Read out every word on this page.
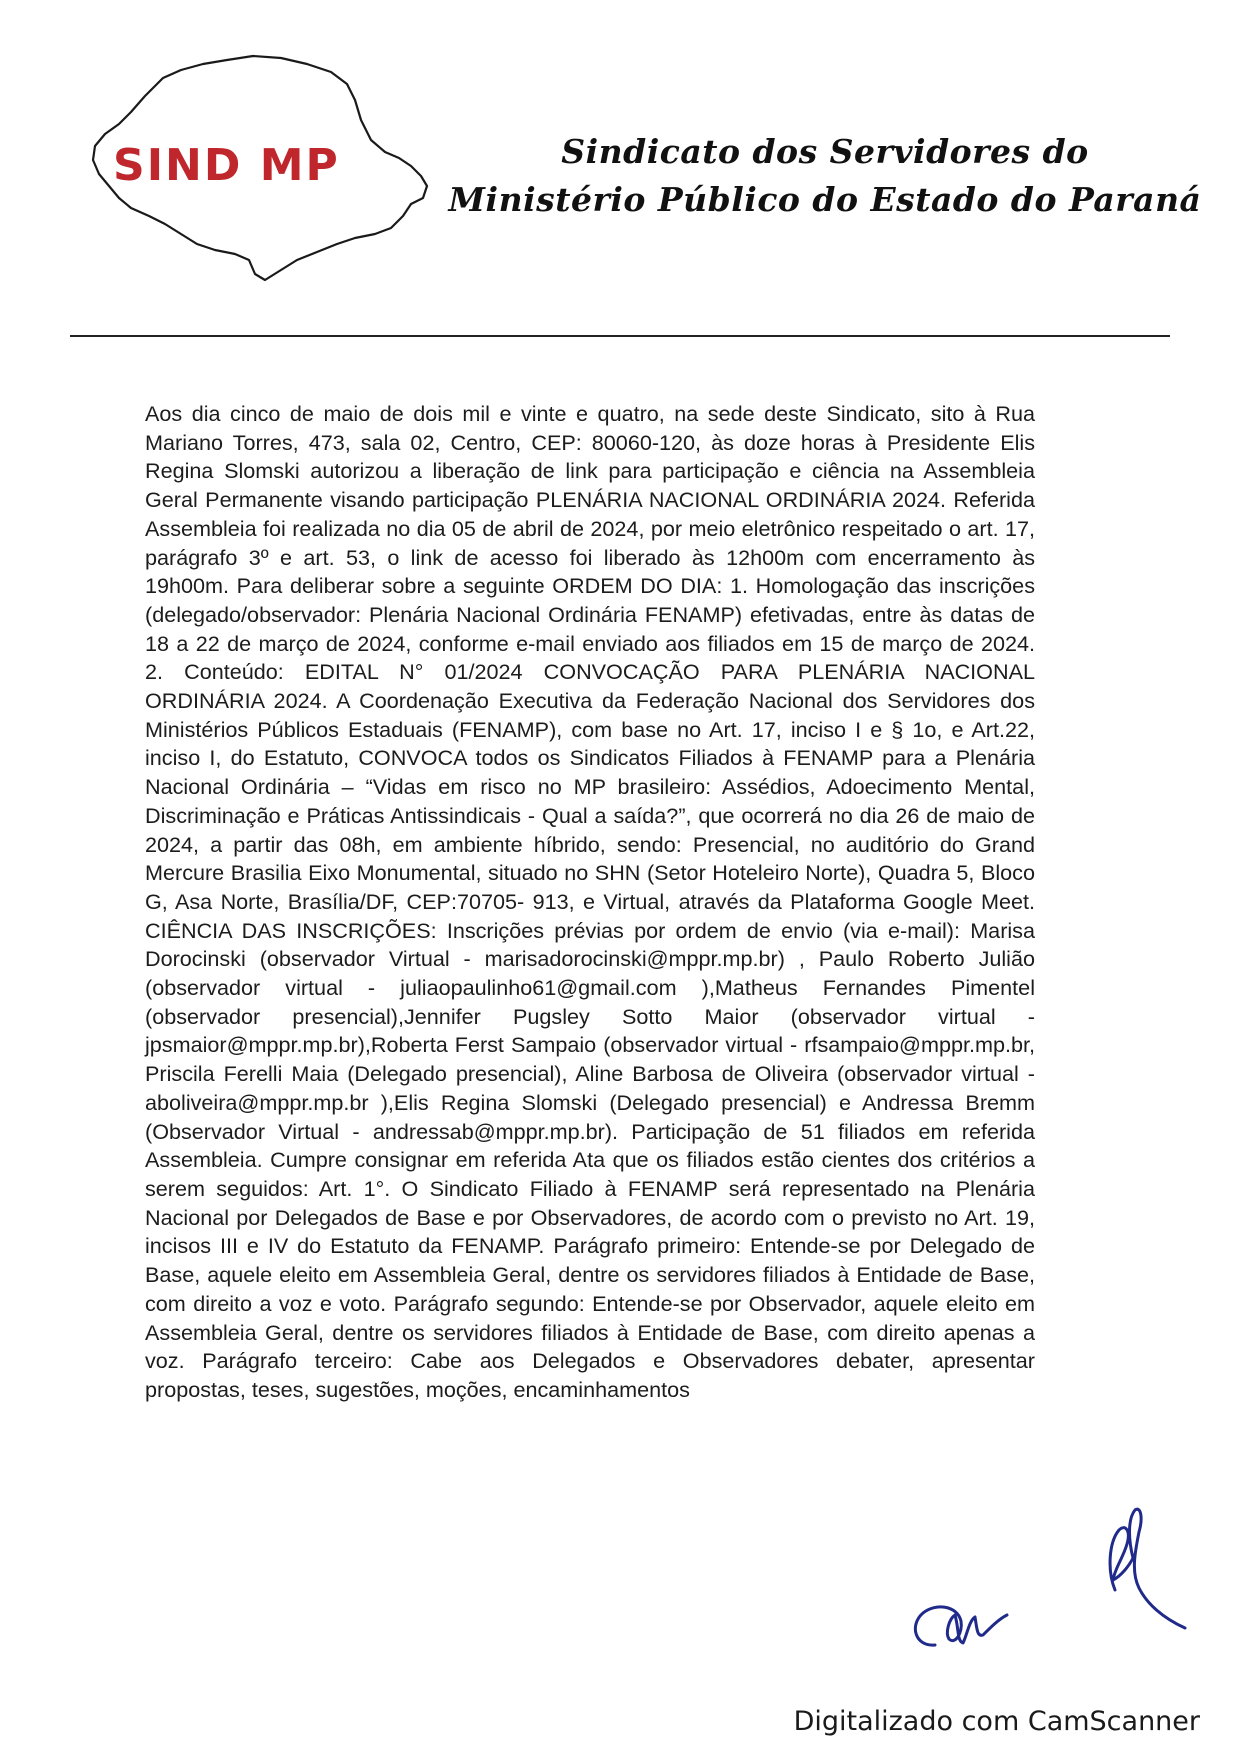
SIND MP	Sindicato dos Servidores do
Ministério Público do Estado do Paraná

Aos dia cinco de maio de dois mil e vinte e quatro, na sede deste Sindicato, sito à Rua Mariano Torres, 473, sala 02, Centro, CEP: 80060-120, às doze horas à Presidente Elis Regina Slomski autorizou a liberação de link para participação e ciência na Assembleia Geral Permanente visando participação PLENÁRIA NACIONAL ORDINÁRIA 2024. Referida Assembleia foi realizada no dia 05 de abril de 2024, por meio eletrônico respeitado o art. 17, parágrafo 3º e art. 53, o link de acesso foi liberado às 12h00m com encerramento às 19h00m. Para deliberar sobre a seguinte ORDEM DO DIA: 1. Homologação das inscrições (delegado/observador: Plenária Nacional Ordinária FENAMP) efetivadas, entre às datas de 18 a 22 de março de 2024, conforme e-mail enviado aos filiados em 15 de março de 2024. 2. Conteúdo: EDITAL N° 01/2024 CONVOCAÇÃO PARA PLENÁRIA NACIONAL ORDINÁRIA 2024. A Coordenação Executiva da Federação Nacional dos Servidores dos Ministérios Públicos Estaduais (FENAMP), com base no Art. 17, inciso I e § 1o, e Art.22, inciso I, do Estatuto, CONVOCA todos os Sindicatos Filiados à FENAMP para a Plenária Nacional Ordinária – “Vidas em risco no MP brasileiro: Assédios, Adoecimento Mental, Discriminação e Práticas Antissindicais - Qual a saída?”, que ocorrerá no dia 26 de maio de 2024, a partir das 08h, em ambiente híbrido, sendo: Presencial, no auditório do Grand Mercure Brasilia Eixo Monumental, situado no SHN (Setor Hoteleiro Norte), Quadra 5, Bloco G, Asa Norte, Brasília/DF, CEP:70705- 913, e Virtual, através da Plataforma Google Meet. CIÊNCIA DAS INSCRIÇÕES: Inscrições prévias por ordem de envio (via e-mail): Marisa Dorocinski (observador Virtual - marisadorocinski@mppr.mp.br) , Paulo Roberto Julião (observador virtual - juliaopaulinho61@gmail.com ),Matheus Fernandes Pimentel (observador presencial),Jennifer Pugsley Sotto Maior (observador virtual - jpsmaior@mppr.mp.br),Roberta Ferst Sampaio (observador virtual - rfsampaio@mppr.mp.br, Priscila Ferelli Maia (Delegado presencial), Aline Barbosa de Oliveira (observador virtual - aboliveira@mppr.mp.br ),Elis Regina Slomski (Delegado presencial) e Andressa Bremm (Observador Virtual - andressab@mppr.mp.br). Participação de 51 filiados em referida Assembleia. Cumpre consignar em referida Ata que os filiados estão cientes dos critérios a serem seguidos: Art. 1°. O Sindicato Filiado à FENAMP será representado na Plenária Nacional por Delegados de Base e por Observadores, de acordo com o previsto no Art. 19, incisos III e IV do Estatuto da FENAMP. Parágrafo primeiro: Entende-se por Delegado de Base, aquele eleito em Assembleia Geral, dentre os servidores filiados à Entidade de Base, com direito a voz e voto. Parágrafo segundo: Entende-se por Observador, aquele eleito em Assembleia Geral, dentre os servidores filiados à Entidade de Base, com direito apenas a voz. Parágrafo terceiro: Cabe aos Delegados e Observadores debater, apresentar propostas, teses, sugestões, moções, encaminhamentos

Digitalizado com CamScanner
